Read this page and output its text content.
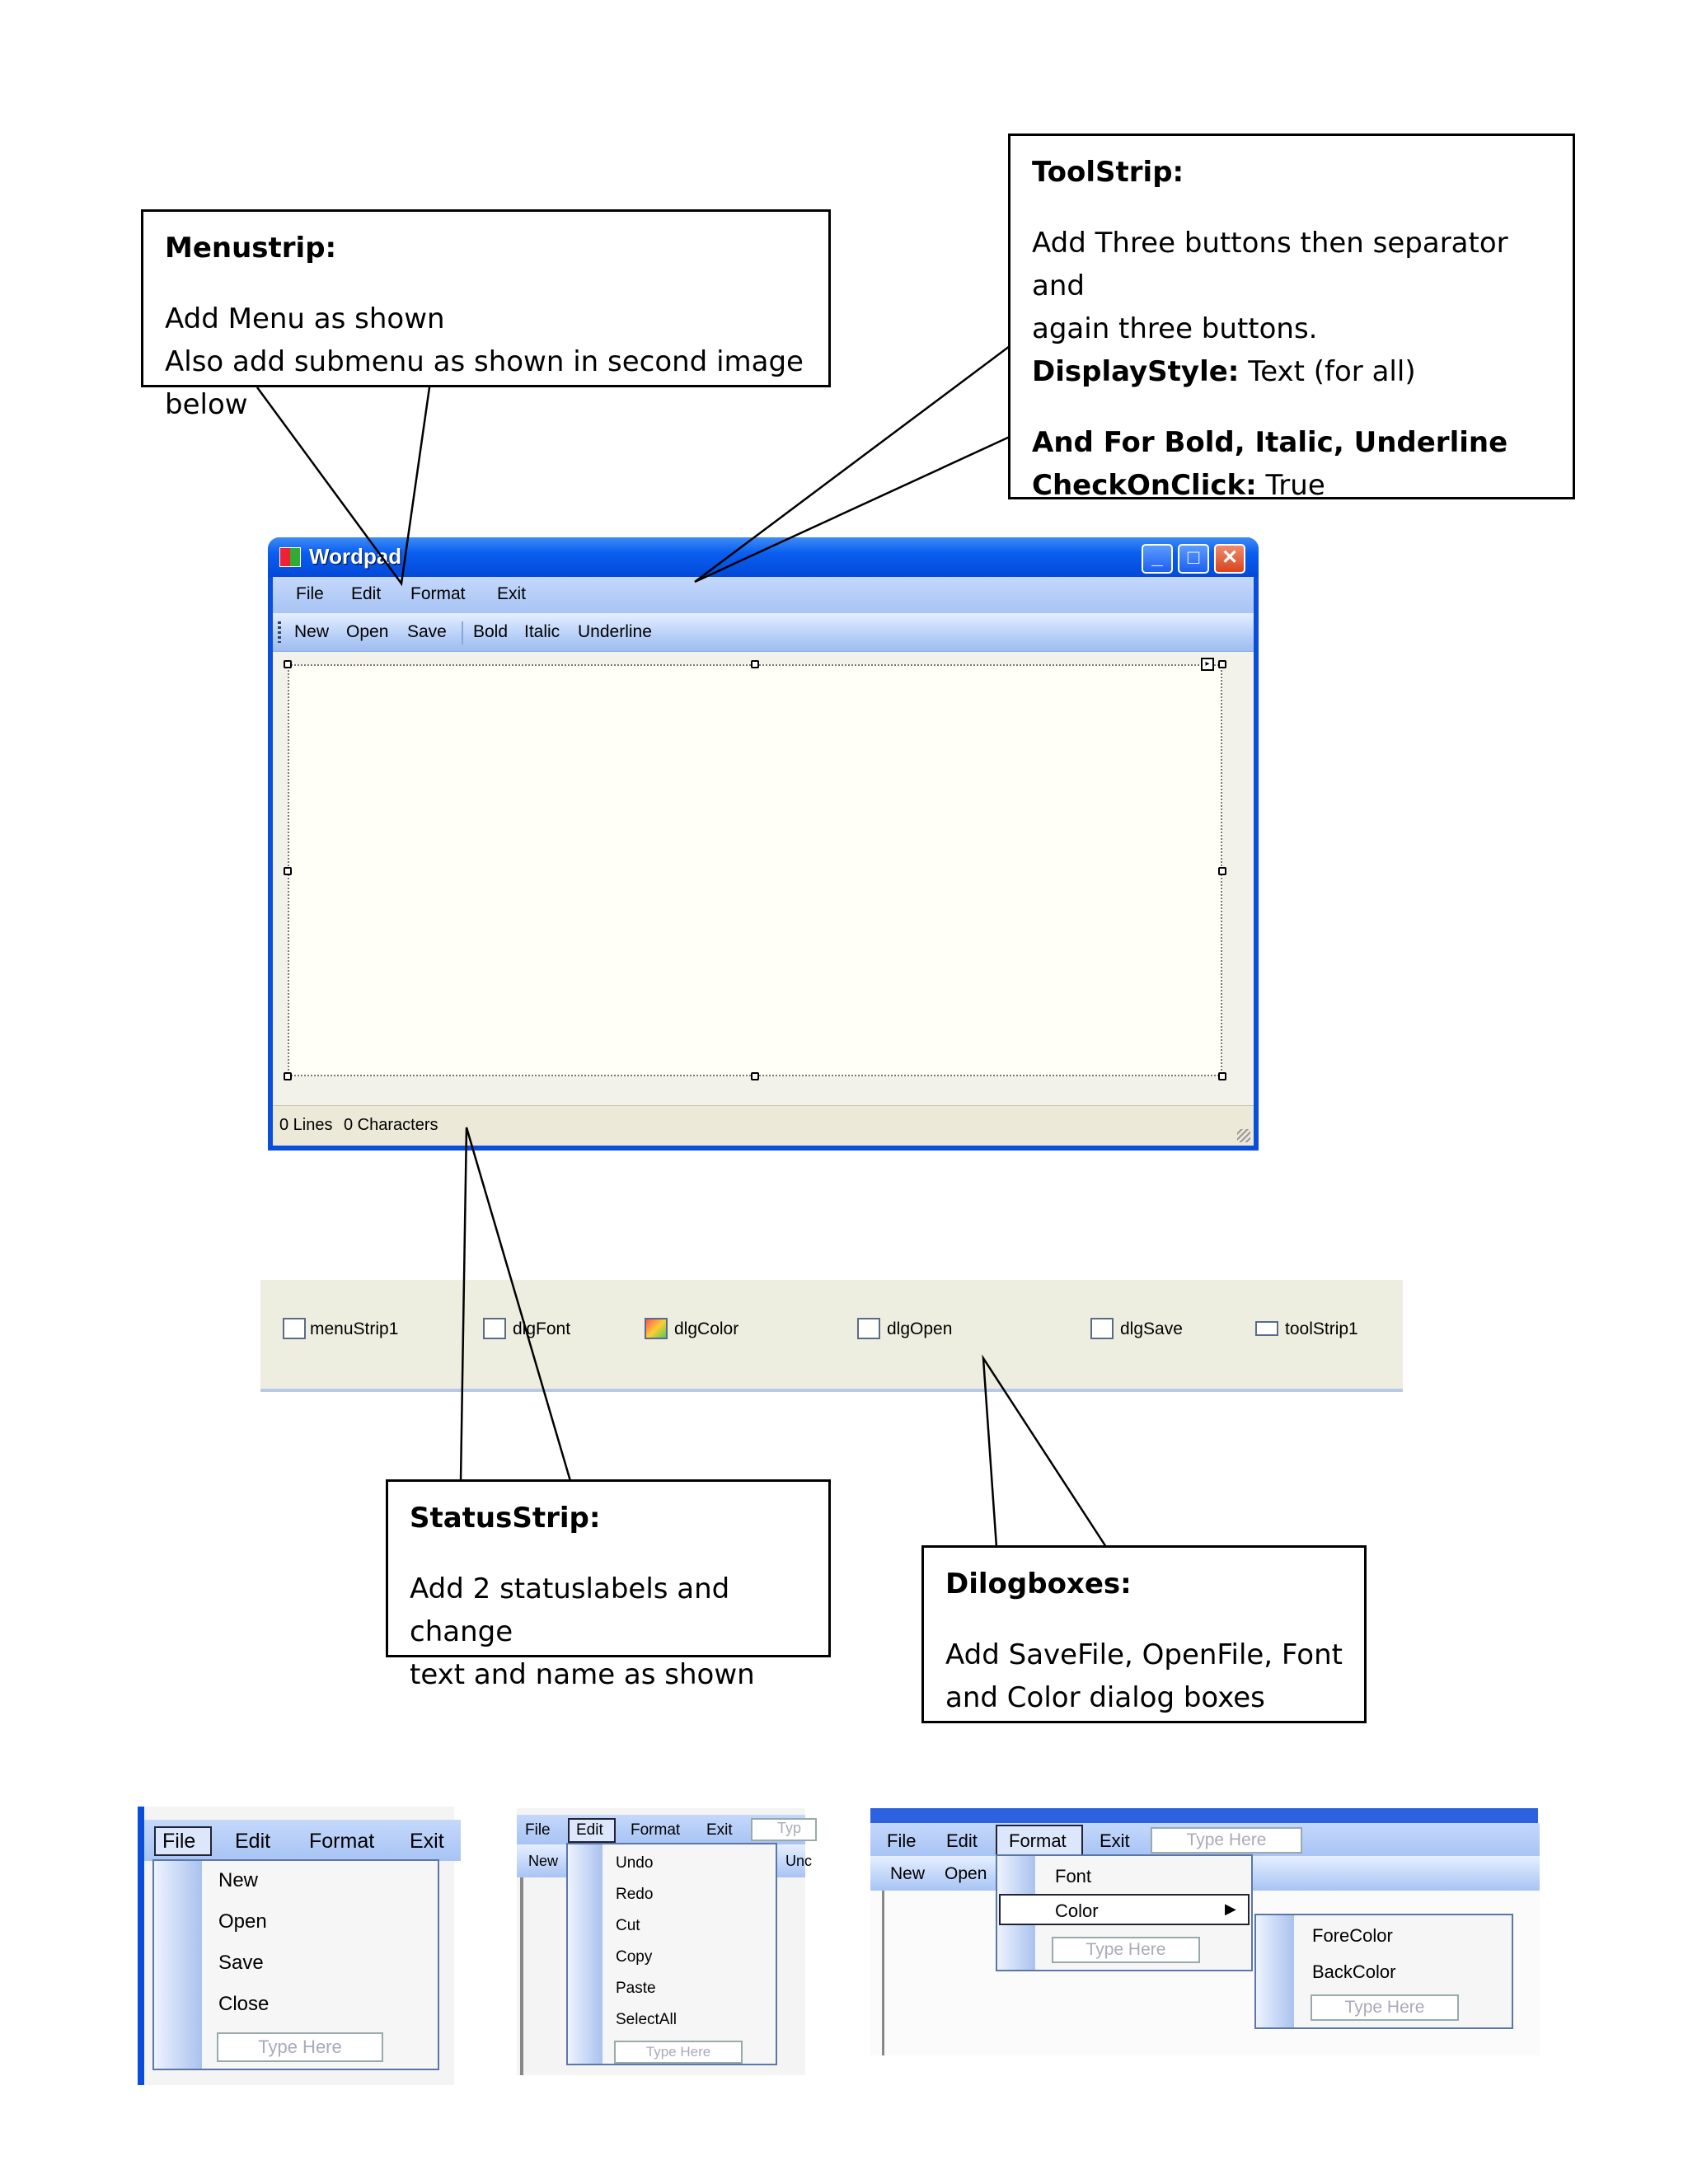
Menustrip:
Add Menu as shown
Also add submenu as shown in second image below
ToolStrip:
Add Three buttons then separator and
again three buttons.
DisplayStyle: Text (for all)
And For Bold, Italic, Underline
CheckOnClick: True
StatusStrip:
Add 2 statuslabels and change
text and name as shown
Dilogboxes:
Add SaveFile, OpenFile, Font
and Color dialog boxes
Wordpad	_	□	✕
File Edit Format Exit
New Open Save Bold Italic Underline
▸
0 Lines 0 Characters
menuStrip1	dlgFont	dlgColor	dlgOpen	dlgSave	toolStrip1
File Edit Format Exit
New
Open
Save
Close
Type Here
File Edit Format Exit	Typ
New	Unc
Undo
Redo
Cut
Copy
Paste
SelectAll
Type Here
File Edit Format Exit	Type Here
New Open	Font
Color	▶
Type Here
ForeColor
BackColor
Type Here
